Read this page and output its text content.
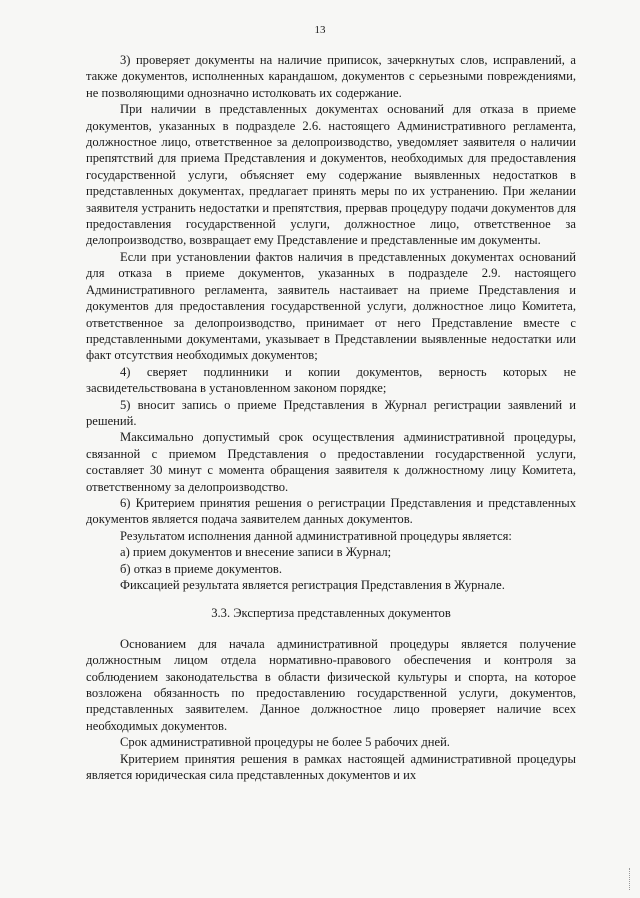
13

3) проверяет документы на наличие приписок, зачеркнутых слов, исправлений, а также документов, исполненных карандашом, документов с серьезными повреждениями, не позволяющими однозначно истолковать их содержание.

При наличии в представленных документах оснований для отказа в приеме документов, указанных в подразделе 2.6. настоящего Административного регламента, должностное лицо, ответственное за делопроизводство, уведомляет заявителя о наличии препятствий для приема Представления и документов, необходимых для предоставления государственной услуги, объясняет ему содержание выявленных недостатков в представленных документах, предлагает принять меры по их устранению. При желании заявителя устранить недостатки и препятствия, прервав процедуру подачи документов для предоставления государственной услуги, должностное лицо, ответственное за делопроизводство, возвращает ему Представление и представленные им документы.

Если при установлении фактов наличия в представленных документах оснований для отказа в приеме документов, указанных в подразделе 2.9. настоящего Административного регламента, заявитель настаивает на приеме Представления и документов для предоставления государственной услуги, должностное лицо Комитета, ответственное за делопроизводство, принимает от него Представление вместе с представленными документами, указывает в Представлении выявленные недостатки или факт отсутствия необходимых документов;

4) сверяет подлинники и копии документов, верность которых не засвидетельствована в установленном законом порядке;

5) вносит запись о приеме Представления в Журнал регистрации заявлений и решений.

Максимально допустимый срок осуществления административной процедуры, связанной с приемом Представления о предоставлении государственной услуги, составляет 30 минут с момента обращения заявителя к должностному лицу Комитета, ответственному за делопроизводство.

6) Критерием принятия решения о регистрации Представления и представленных документов является подача заявителем данных документов.

Результатом исполнения данной административной процедуры является:

а) прием документов и внесение записи в Журнал;

б) отказ в приеме документов.

Фиксацией результата является регистрация Представления в Журнале.

3.3. Экспертиза представленных документов

Основанием для начала административной процедуры является получение должностным лицом отдела нормативно-правового обеспечения и контроля за соблюдением законодательства в области физической культуры и спорта, на которое возложена обязанность по предоставлению государственной услуги, документов, представленных заявителем. Данное должностное лицо проверяет наличие всех необходимых документов.

Срок административной процедуры не более 5 рабочих дней.

Критерием принятия решения в рамках настоящей административной процедуры является юридическая сила представленных документов и их
